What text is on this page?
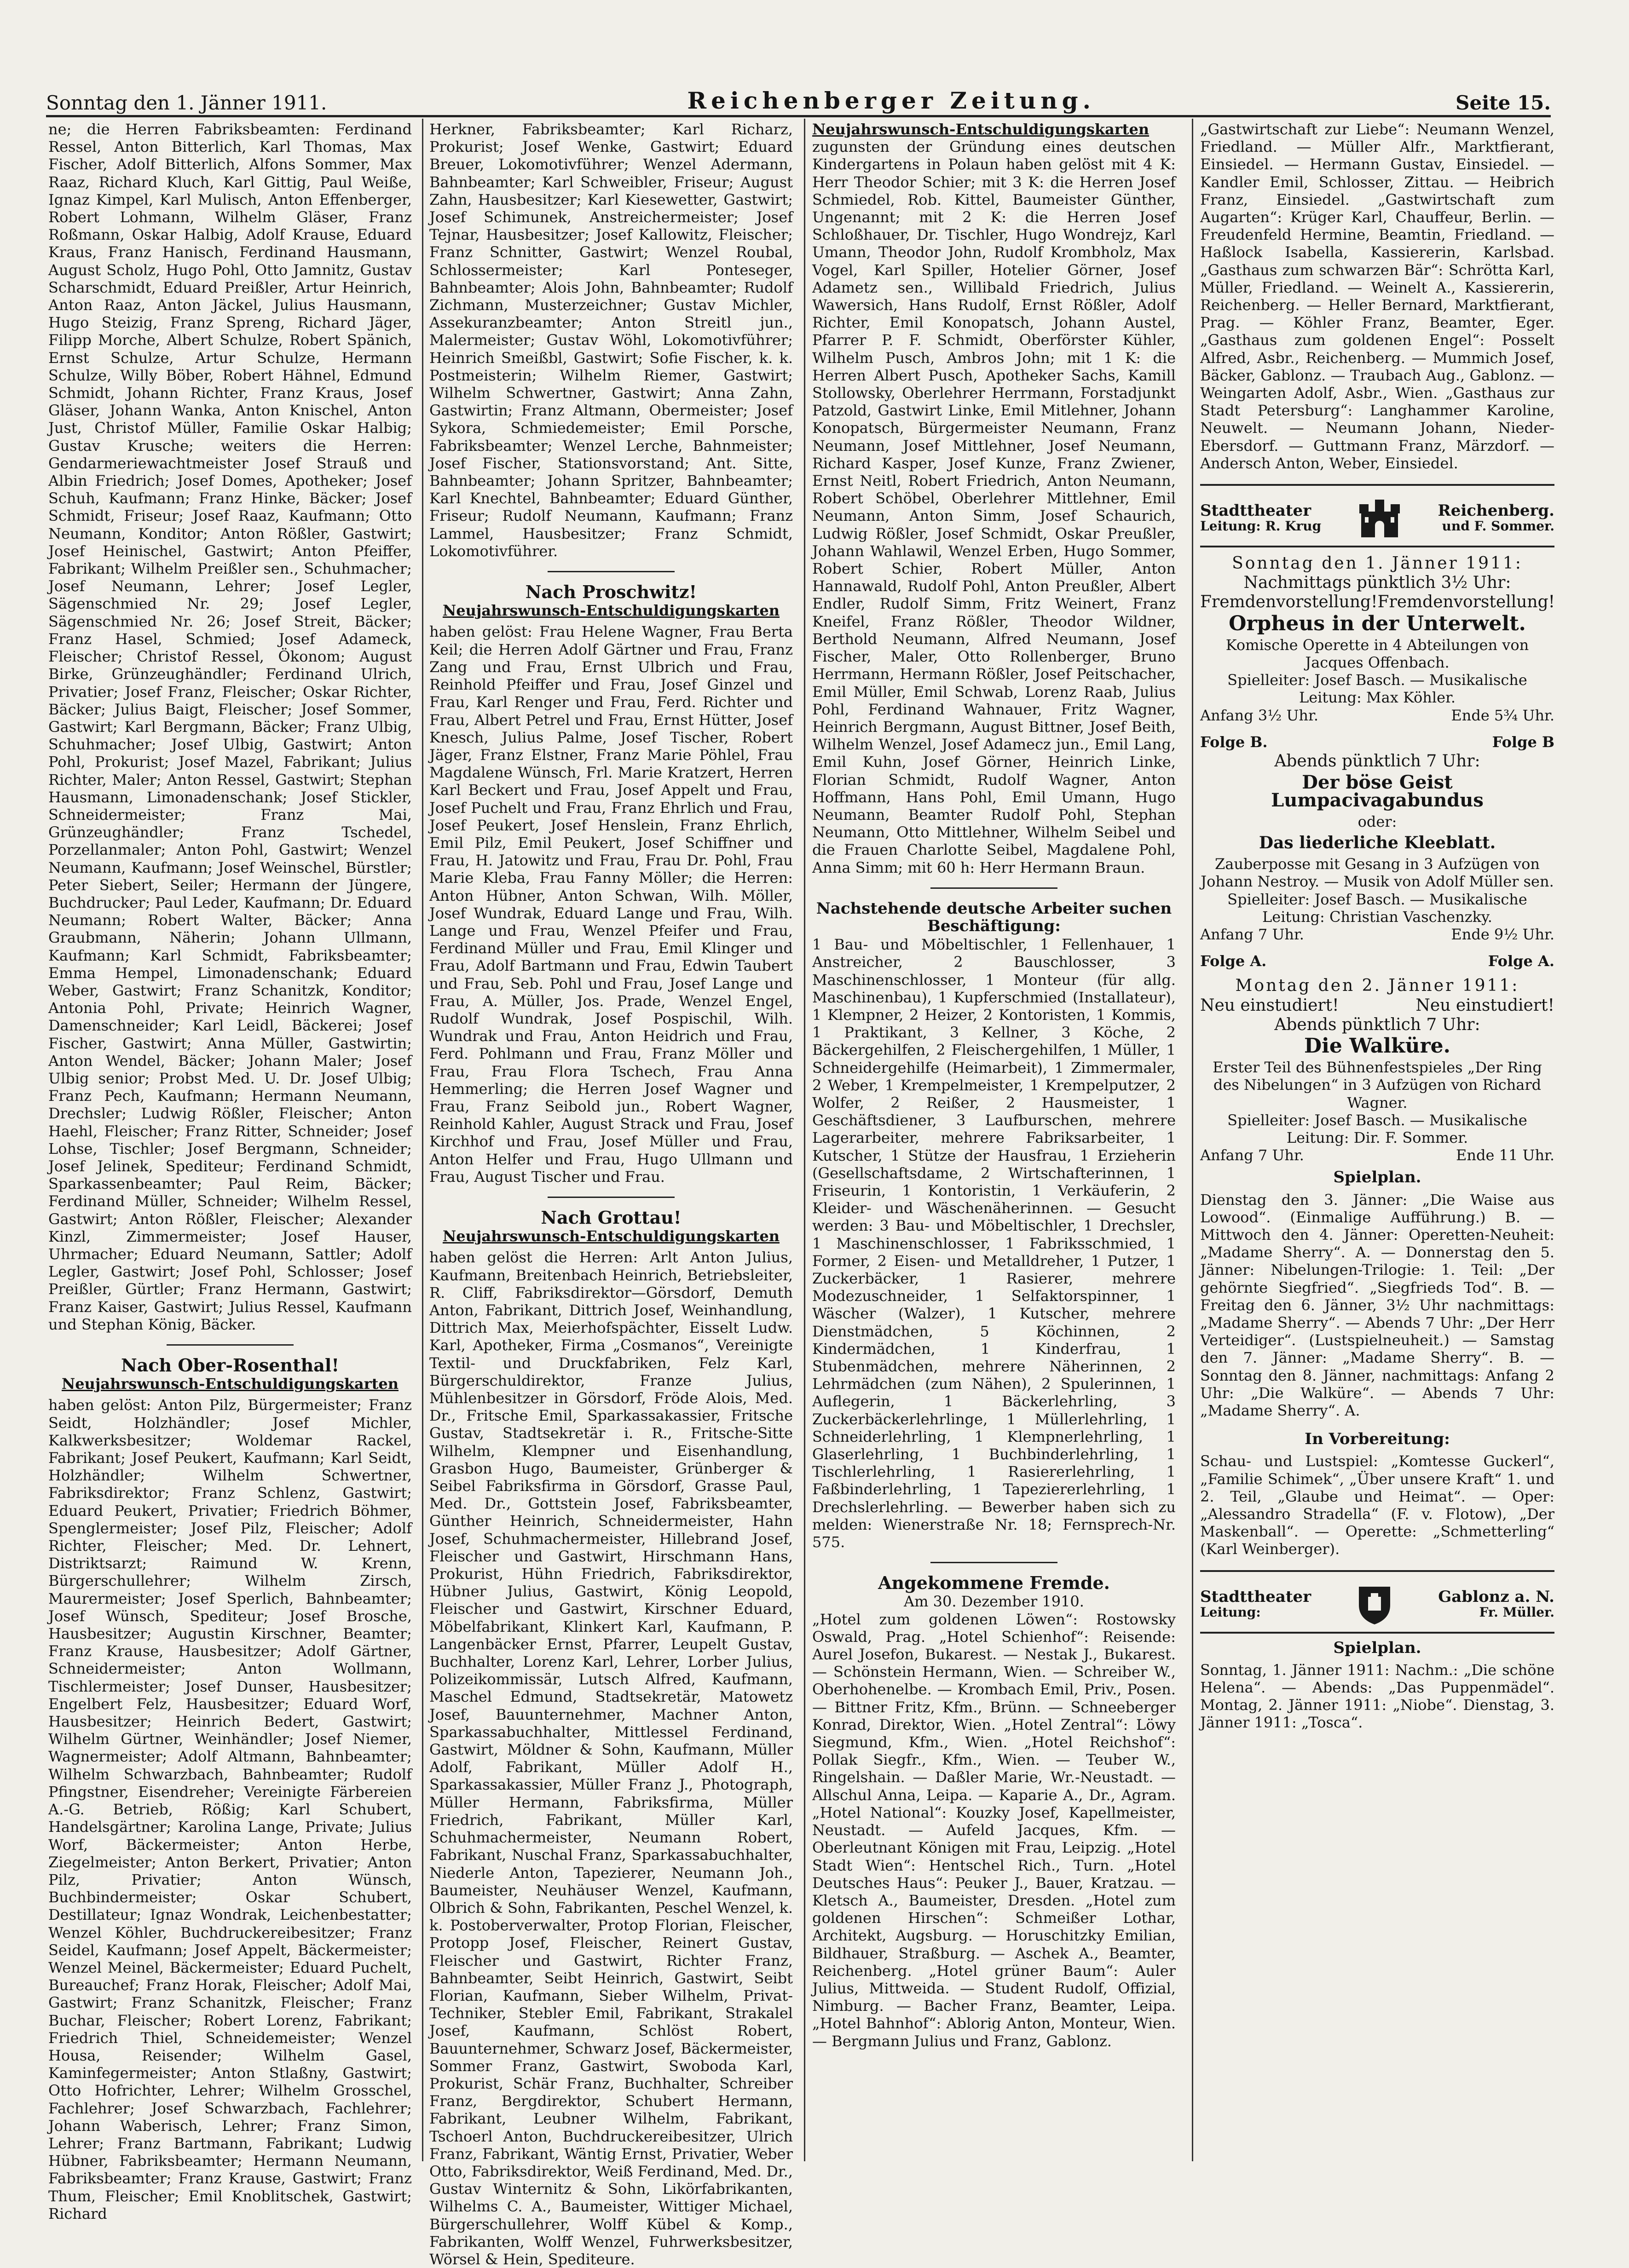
Sonntag den 1. Jänner 1911.	Reichenberger Zeitung.	Seite 15.

ne; die Herren Fabriksbeamten: Ferdinand Ressel, Anton Bitterlich, Karl Thomas, Max Fischer, Adolf Bitterlich, Alfons Sommer, Max Raaz, Richard Kluch, Karl Gittig, Paul Weiße, Ignaz Kimpel, Karl Mulisch, Anton Effenberger, Robert Lohmann, Wilhelm Gläser, Franz Roßmann, Oskar Halbig, Adolf Krause, Eduard Kraus, Franz Hanisch, Ferdinand Hausmann, August Scholz, Hugo Pohl, Otto Jamnitz, Gustav Scharschmidt, Eduard Preißler, Artur Heinrich, Anton Raaz, Anton Jäckel, Julius Hausmann, Hugo Steizig, Franz Spreng, Richard Jäger, Filipp Morche, Albert Schulze, Robert Spänich, Ernst Schulze, Artur Schulze, Hermann Schulze, Willy Böber, Robert Hähnel, Edmund Schmidt, Johann Richter, Franz Kraus, Josef Gläser, Johann Wanka, Anton Knischel, Anton Just, Christof Müller, Familie Oskar Halbig; Gustav Krusche; weiters die Herren: Gendarmeriewachtmeister Josef Strauß und Albin Friedrich; Josef Domes, Apotheker; Josef Schuh, Kaufmann; Franz Hinke, Bäcker; Josef Schmidt, Friseur; Josef Raaz, Kaufmann; Otto Neumann, Konditor; Anton Rößler, Gastwirt; Josef Heinischel, Gastwirt; Anton Pfeiffer, Fabrikant; Wilhelm Preißler sen., Schuhmacher; Josef Neumann, Lehrer; Josef Legler, Sägenschmied Nr. 29; Josef Legler, Sägenschmied Nr. 26; Josef Streit, Bäcker; Franz Hasel, Schmied; Josef Adameck, Fleischer; Christof Ressel, Ökonom; August Birke, Grünzeughändler; Ferdinand Ulrich, Privatier; Josef Franz, Fleischer; Oskar Richter, Bäcker; Julius Baigt, Fleischer; Josef Sommer, Gastwirt; Karl Bergmann, Bäcker; Franz Ulbig, Schuhmacher; Josef Ulbig, Gastwirt; Anton Pohl, Prokurist; Josef Mazel, Fabrikant; Julius Richter, Maler; Anton Ressel, Gastwirt; Stephan Hausmann, Limonadenschank; Josef Stickler, Schneidermeister; Franz Mai, Grünzeughändler; Franz Tschedel, Porzellanmaler; Anton Pohl, Gastwirt; Wenzel Neumann, Kaufmann; Josef Weinschel, Bürstler; Peter Siebert, Seiler; Hermann der Jüngere, Buchdrucker; Paul Leder, Kaufmann; Dr. Eduard Neumann; Robert Walter, Bäcker; Anna Graubmann, Näherin; Johann Ullmann, Kaufmann; Karl Schmidt, Fabriksbeamter; Emma Hempel, Limonadenschank; Eduard Weber, Gastwirt; Franz Schanitzk, Konditor; Antonia Pohl, Private; Heinrich Wagner, Damenschneider; Karl Leidl, Bäckerei; Josef Fischer, Gastwirt; Anna Müller, Gastwirtin; Anton Wendel, Bäcker; Johann Maler; Josef Ulbig senior; Probst Med. U. Dr. Josef Ulbig; Franz Pech, Kaufmann; Hermann Neumann, Drechsler; Ludwig Rößler, Fleischer; Anton Haehl, Fleischer; Franz Ritter, Schneider; Josef Lohse, Tischler; Josef Bergmann, Schneider; Josef Jelinek, Spediteur; Ferdinand Schmidt, Sparkassenbeamter; Paul Reim, Bäcker; Ferdinand Müller, Schneider; Wilhelm Ressel, Gastwirt; Anton Rößler, Fleischer; Alexander Kinzl, Zimmermeister; Josef Hauser, Uhrmacher; Eduard Neumann, Sattler; Adolf Legler, Gastwirt; Josef Pohl, Schlosser; Josef Preißler, Gürtler; Franz Hermann, Gastwirt; Franz Kaiser, Gastwirt; Julius Ressel, Kaufmann und Stephan König, Bäcker.

Nach Ober-Rosenthal!
Neujahrswunsch-Entschuldigungskarten

haben gelöst: Anton Pilz, Bürgermeister; Franz Seidt, Holzhändler; Josef Michler, Kalkwerksbesitzer; Woldemar Rackel, Fabrikant; Josef Peukert, Kaufmann; Karl Seidt, Holzhändler; Wilhelm Schwertner, Fabriksdirektor; Franz Schlenz, Gastwirt; Eduard Peukert, Privatier; Friedrich Böhmer, Spenglermeister; Josef Pilz, Fleischer; Adolf Richter, Fleischer; Med. Dr. Lehnert, Distriktsarzt; Raimund W. Krenn, Bürgerschullehrer; Wilhelm Zirsch, Maurermeister; Josef Sperlich, Bahnbeamter; Josef Wünsch, Spediteur; Josef Brosche, Hausbesitzer; Augustin Kirschner, Beamter; Franz Krause, Hausbesitzer; Adolf Gärtner, Schneidermeister; Anton Wollmann, Tischlermeister; Josef Dunser, Hausbesitzer; Engelbert Felz, Hausbesitzer; Eduard Worf, Hausbesitzer; Heinrich Bedert, Gastwirt; Wilhelm Gürtner, Weinhändler; Josef Niemer, Wagnermeister; Adolf Altmann, Bahnbeamter; Wilhelm Schwarzbach, Bahnbeamter; Rudolf Pfingstner, Eisendreher; Vereinigte Färbereien A.-G. Betrieb, Rößig; Karl Schubert, Handelsgärtner; Karolina Lange, Private; Julius Worf, Bäckermeister; Anton Herbe, Ziegelmeister; Anton Berkert, Privatier; Anton Pilz, Privatier; Anton Wünsch, Buchbindermeister; Oskar Schubert, Destillateur; Ignaz Wondrak, Leichenbestatter; Wenzel Köhler, Buchdruckereibesitzer; Franz Seidel, Kaufmann; Josef Appelt, Bäckermeister; Wenzel Meinel, Bäckermeister; Eduard Puchelt, Bureauchef; Franz Horak, Fleischer; Adolf Mai, Gastwirt; Franz Schanitzk, Fleischer; Franz Buchar, Fleischer; Robert Lorenz, Fabrikant; Friedrich Thiel, Schneidemeister; Wenzel Housa, Reisender; Wilhelm Gasel, Kaminfegermeister; Anton Stlaßny, Gastwirt; Otto Hofrichter, Lehrer; Wilhelm Grosschel, Fachlehrer; Josef Schwarzbach, Fachlehrer; Johann Waberisch, Lehrer; Franz Simon, Lehrer; Franz Bartmann, Fabrikant; Ludwig Hübner, Fabriksbeamter; Hermann Neumann, Fabriksbeamter; Franz Krause, Gastwirt; Franz Thum, Fleischer; Emil Knoblitschek, Gastwirt; Richard

Herkner, Fabriksbeamter; Karl Richarz, Prokurist; Josef Wenke, Gastwirt; Eduard Breuer, Lokomotivführer; Wenzel Adermann, Bahnbeamter; Karl Schweibler, Friseur; August Zahn, Hausbesitzer; Karl Kiesewetter, Gastwirt; Josef Schimunek, Anstreichermeister; Josef Tejnar, Hausbesitzer; Josef Kallowitz, Fleischer; Franz Schnitter, Gastwirt; Wenzel Roubal, Schlossermeister; Karl Ponteseger, Bahnbeamter; Alois John, Bahnbeamter; Rudolf Zichmann, Musterzeichner; Gustav Michler, Assekuranzbeamter; Anton Streitl jun., Malermeister; Gustav Wöhl, Lokomotivführer; Heinrich Smeißbl, Gastwirt; Sofie Fischer, k. k. Postmeisterin; Wilhelm Riemer, Gastwirt; Wilhelm Schwertner, Gastwirt; Anna Zahn, Gastwirtin; Franz Altmann, Obermeister; Josef Sykora, Schmiedemeister; Emil Porsche, Fabriksbeamter; Wenzel Lerche, Bahnmeister; Josef Fischer, Stationsvorstand; Ant. Sitte, Bahnbeamter; Johann Spritzer, Bahnbeamter; Karl Knechtel, Bahnbeamter; Eduard Günther, Friseur; Rudolf Neumann, Kaufmann; Franz Lammel, Hausbesitzer; Franz Schmidt, Lokomotivführer.

Nach Proschwitz!
Neujahrswunsch-Entschuldigungskarten

haben gelöst: Frau Helene Wagner, Frau Berta Keil; die Herren Adolf Gärtner und Frau, Franz Zang und Frau, Ernst Ulbrich und Frau, Reinhold Pfeiffer und Frau, Josef Ginzel und Frau, Karl Renger und Frau, Ferd. Richter und Frau, Albert Petrel und Frau, Ernst Hütter, Josef Knesch, Julius Palme, Josef Tischer, Robert Jäger, Franz Elstner, Franz Marie Pöhlel, Frau Magdalene Wünsch, Frl. Marie Kratzert, Herren Karl Beckert und Frau, Josef Appelt und Frau, Josef Puchelt und Frau, Franz Ehrlich und Frau, Josef Peukert, Josef Henslein, Franz Ehrlich, Emil Pilz, Emil Peukert, Josef Schiffner und Frau, H. Jatowitz und Frau, Frau Dr. Pohl, Frau Marie Kleba, Frau Fanny Möller; die Herren: Anton Hübner, Anton Schwan, Wilh. Möller, Josef Wundrak, Eduard Lange und Frau, Wilh. Lange und Frau, Wenzel Pfeifer und Frau, Ferdinand Müller und Frau, Emil Klinger und Frau, Adolf Bartmann und Frau, Edwin Taubert und Frau, Seb. Pohl und Frau, Josef Lange und Frau, A. Müller, Jos. Prade, Wenzel Engel, Rudolf Wundrak, Josef Pospischil, Wilh. Wundrak und Frau, Anton Heidrich und Frau, Ferd. Pohlmann und Frau, Franz Möller und Frau, Frau Flora Tschech, Frau Anna Hemmerling; die Herren Josef Wagner und Frau, Franz Seibold jun., Robert Wagner, Reinhold Kahler, August Strack und Frau, Josef Kirchhof und Frau, Josef Müller und Frau, Anton Helfer und Frau, Hugo Ullmann und Frau, August Tischer und Frau.

Nach Grottau!
Neujahrswunsch-Entschuldigungskarten

haben gelöst die Herren: Arlt Anton Julius, Kaufmann, Breitenbach Heinrich, Betriebsleiter, R. Cliff, Fabriksdirektor—Görsdorf, Demuth Anton, Fabrikant, Dittrich Josef, Weinhandlung, Dittrich Max, Meierhofspächter, Eisselt Ludw. Karl, Apotheker, Firma „Cosmanos“, Vereinigte Textil- und Druckfabriken, Felz Karl, Bürgerschuldirektor, Franze Julius, Mühlenbesitzer in Görsdorf, Fröde Alois, Med. Dr., Fritsche Emil, Sparkassakassier, Fritsche Gustav, Stadtsekretär i. R., Fritsche-Sitte Wilhelm, Klempner und Eisenhandlung, Grasbon Hugo, Baumeister, Grünberger & Seibel Fabriksfirma in Görsdorf, Grasse Paul, Med. Dr., Gottstein Josef, Fabriksbeamter, Günther Heinrich, Schneidermeister, Hahn Josef, Schuhmachermeister, Hillebrand Josef, Fleischer und Gastwirt, Hirschmann Hans, Prokurist, Hühn Friedrich, Fabriksdirektor, Hübner Julius, Gastwirt, König Leopold, Fleischer und Gastwirt, Kirschner Eduard, Möbelfabrikant, Klinkert Karl, Kaufmann, P. Langenbäcker Ernst, Pfarrer, Leupelt Gustav, Buchhalter, Lorenz Karl, Lehrer, Lorber Julius, Polizeikommissär, Lutsch Alfred, Kaufmann, Maschel Edmund, Stadtsekretär, Matowetz Josef, Bauunternehmer, Machner Anton, Sparkassabuchhalter, Mittlessel Ferdinand, Gastwirt, Möldner & Sohn, Kaufmann, Müller Adolf, Fabrikant, Müller Adolf H., Sparkassakassier, Müller Franz J., Photograph, Müller Hermann, Fabriksfirma, Müller Friedrich, Fabrikant, Müller Karl, Schuhmachermeister, Neumann Robert, Fabrikant, Nuschal Franz, Sparkassabuchhalter, Niederle Anton, Tapezierer, Neumann Joh., Baumeister, Neuhäuser Wenzel, Kaufmann, Olbrich & Sohn, Fabrikanten, Peschel Wenzel, k. k. Postoberverwalter, Protop Florian, Fleischer, Protopp Josef, Fleischer, Reinert Gustav, Fleischer und Gastwirt, Richter Franz, Bahnbeamter, Seibt Heinrich, Gastwirt, Seibt Florian, Kaufmann, Sieber Wilhelm, Privat-Techniker, Stebler Emil, Fabrikant, Strakalel Josef, Kaufmann, Schlöst Robert, Bauunternehmer, Schwarz Josef, Bäckermeister, Sommer Franz, Gastwirt, Swoboda Karl, Prokurist, Schär Franz, Buchhalter, Schreiber Franz, Bergdirektor, Schubert Hermann, Fabrikant, Leubner Wilhelm, Fabrikant, Tschoerl Anton, Buchdruckereibesitzer, Ulrich Franz, Fabrikant, Wäntig Ernst, Privatier, Weber Otto, Fabriksdirektor, Weiß Ferdinand, Med. Dr., Gustav Winternitz & Sohn, Likörfabrikanten, Wilhelms C. A., Baumeister, Wittiger Michael, Bürgerschullehrer, Wolff Kübel & Komp., Fabrikanten, Wolff Wenzel, Fuhrwerksbesitzer, Wörsel & Hein, Spediteure.

Neujahrswunsch-Entschuldigungskarten

zugunsten der Gründung eines deutschen Kindergartens in Polaun haben gelöst mit 4 K: Herr Theodor Schier; mit 3 K: die Herren Josef Schmiedel, Rob. Kittel, Baumeister Günther, Ungenannt; mit 2 K: die Herren Josef Schloßhauer, Dr. Tischler, Hugo Wondrejz, Karl Umann, Theodor John, Rudolf Krombholz, Max Vogel, Karl Spiller, Hotelier Görner, Josef Adametz sen., Willibald Friedrich, Julius Wawersich, Hans Rudolf, Ernst Rößler, Adolf Richter, Emil Konopatsch, Johann Austel, Pfarrer P. F. Schmidt, Oberförster Kühler, Wilhelm Pusch, Ambros John; mit 1 K: die Herren Albert Pusch, Apotheker Sachs, Kamill Stollowsky, Oberlehrer Herrmann, Forstadjunkt Patzold, Gastwirt Linke, Emil Mitlehner, Johann Konopatsch, Bürgermeister Neumann, Franz Neumann, Josef Mittlehner, Josef Neumann, Richard Kasper, Josef Kunze, Franz Zwiener, Ernst Neitl, Robert Friedrich, Anton Neumann, Robert Schöbel, Oberlehrer Mittlehner, Emil Neumann, Anton Simm, Josef Schaurich, Ludwig Rößler, Josef Schmidt, Oskar Preußler, Johann Wahlawil, Wenzel Erben, Hugo Sommer, Robert Schier, Robert Müller, Anton Hannawald, Rudolf Pohl, Anton Preußler, Albert Endler, Rudolf Simm, Fritz Weinert, Franz Kneifel, Franz Rößler, Theodor Wildner, Berthold Neumann, Alfred Neumann, Josef Fischer, Maler, Otto Rollenberger, Bruno Herrmann, Hermann Rößler, Josef Peitschacher, Emil Müller, Emil Schwab, Lorenz Raab, Julius Pohl, Ferdinand Wahnauer, Fritz Wagner, Heinrich Bergmann, August Bittner, Josef Beith, Wilhelm Wenzel, Josef Adamecz jun., Emil Lang, Emil Kuhn, Josef Görner, Heinrich Linke, Florian Schmidt, Rudolf Wagner, Anton Hoffmann, Hans Pohl, Emil Umann, Hugo Neumann, Beamter Rudolf Pohl, Stephan Neumann, Otto Mittlehner, Wilhelm Seibel und die Frauen Charlotte Seibel, Magdalene Pohl, Anna Simm; mit 60 h: Herr Hermann Braun.

Nachstehende deutsche Arbeiter suchen Beschäftigung:

1 Bau- und Möbeltischler, 1 Fellenhauer, 1 Anstreicher, 2 Bauschlosser, 3 Maschinenschlosser, 1 Monteur (für allg. Maschinenbau), 1 Kupferschmied (Installateur), 1 Klempner, 2 Heizer, 2 Kontoristen, 1 Kommis, 1 Praktikant, 3 Kellner, 3 Köche, 2 Bäckergehilfen, 2 Fleischergehilfen, 1 Müller, 1 Schneidergehilfe (Heimarbeit), 1 Zimmermaler, 2 Weber, 1 Krempelmeister, 1 Krempelputzer, 2 Wolfer, 2 Reißer, 2 Hausmeister, 1 Geschäftsdiener, 3 Laufburschen, mehrere Lagerarbeiter, mehrere Fabriksarbeiter, 1 Kutscher, 1 Stütze der Hausfrau, 1 Erzieherin (Gesellschaftsdame, 2 Wirtschafterinnen, 1 Friseurin, 1 Kontoristin, 1 Verkäuferin, 2 Kleider- und Wäschenäherinnen. — Gesucht werden: 3 Bau- und Möbeltischler, 1 Drechsler, 1 Maschinenschlosser, 1 Fabriksschmied, 1 Former, 2 Eisen- und Metalldreher, 1 Putzer, 1 Zuckerbäcker, 1 Rasierer, mehrere Modezuschneider, 1 Selfaktorspinner, 1 Wäscher (Walzer), 1 Kutscher, mehrere Dienstmädchen, 5 Köchinnen, 2 Kindermädchen, 1 Kinderfrau, 1 Stubenmädchen, mehrere Näherinnen, 2 Lehrmädchen (zum Nähen), 2 Spulerinnen, 1 Auflegerin, 1 Bäckerlehrling, 3 Zuckerbäckerlehrlinge, 1 Müllerlehrling, 1 Schneiderlehrling, 1 Klempnerlehrling, 1 Glaserlehrling, 1 Buchbinderlehrling, 1 Tischlerlehrling, 1 Rasiererlehrling, 1 Faßbinderlehrling, 1 Tapeziererlehrling, 1 Drechslerlehrling. — Bewerber haben sich zu melden: Wienerstraße Nr. 18; Fernsprech-Nr. 575.

Angekommene Fremde.
Am 30. Dezember 1910.

„Hotel zum goldenen Löwen“: Rostowsky Oswald, Prag. „Hotel Schienhof“: Reisende: Aurel Josefon, Bukarest. — Nestak J., Bukarest. — Schönstein Hermann, Wien. — Schreiber W., Oberhohenelbe. — Krombach Emil, Priv., Posen. — Bittner Fritz, Kfm., Brünn. — Schneeberger Konrad, Direktor, Wien. „Hotel Zentral“: Löwy Siegmund, Kfm., Wien. „Hotel Reichshof“: Pollak Siegfr., Kfm., Wien. — Teuber W., Ringelshain. — Daßler Marie, Wr.-Neustadt. — Allschul Anna, Leipa. — Kaparie A., Dr., Agram. „Hotel National“: Kouzky Josef, Kapellmeister, Neustadt. — Aufeld Jacques, Kfm. — Oberleutnant Königen mit Frau, Leipzig. „Hotel Stadt Wien“: Hentschel Rich., Turn. „Hotel Deutsches Haus“: Peuker J., Bauer, Kratzau. — Kletsch A., Baumeister, Dresden. „Hotel zum goldenen Hirschen“: Schmeißer Lothar, Architekt, Augsburg. — Horuschitzky Emilian, Bildhauer, Straßburg. — Aschek A., Beamter, Reichenberg. „Hotel grüner Baum“: Auler Julius, Mittweida. — Student Rudolf, Offizial, Nimburg. — Bacher Franz, Beamter, Leipa. „Hotel Bahnhof“: Ablorig Anton, Monteur, Wien. — Bergmann Julius und Franz, Gablonz.

„Gastwirtschaft zur Liebe“: Neumann Wenzel, Friedland. — Müller Alfr., Marktfierant, Einsiedel. — Hermann Gustav, Einsiedel. — Kandler Emil, Schlosser, Zittau. — Heibrich Franz, Einsiedel. „Gastwirtschaft zum Augarten“: Krüger Karl, Chauffeur, Berlin. — Freudenfeld Hermine, Beamtin, Friedland. — Haßlock Isabella, Kassiererin, Karlsbad. „Gasthaus zum schwarzen Bär“: Schrötta Karl, Müller, Friedland. — Weinelt A., Kassiererin, Reichenberg. — Heller Bernard, Marktfierant, Prag. — Köhler Franz, Beamter, Eger. „Gasthaus zum goldenen Engel“: Posselt Alfred, Asbr., Reichenberg. — Mummich Josef, Bäcker, Gablonz. — Traubach Aug., Gablonz. — Weingarten Adolf, Asbr., Wien. „Gasthaus zur Stadt Petersburg“: Langhammer Karoline, Neuwelt. — Neumann Johann, Nieder-Ebersdorf. — Guttmann Franz, Märzdorf. — Andersch Anton, Weber, Einsiedel.

Stadttheater
Leitung: R. Krug
Reichenberg.
und F. Sommer.
Sonntag den 1. Jänner 1911:
Nachmittags pünktlich 3½ Uhr:
Fremdenvorstellung! Fremdenvorstellung!
Orpheus in der Unterwelt.
Komische Operette in 4 Abteilungen von Jacques Offenbach.
Spielleiter: Josef Basch. — Musikalische Leitung: Max Köhler.
Anfang 3½ Uhr.	Ende 5¾ Uhr.
Folge B.	Folge B
Abends pünktlich 7 Uhr:
Der böse Geist Lumpacivagabundus
oder:
Das liederliche Kleeblatt.
Zauberposse mit Gesang in 3 Aufzügen von Johann Nestroy. — Musik von Adolf Müller sen.
Spielleiter: Josef Basch. — Musikalische Leitung: Christian Vaschenzky.
Anfang 7 Uhr.	Ende 9½ Uhr.
Folge A.	Folge A.
Montag den 2. Jänner 1911:
Neu einstudiert!	Neu einstudiert!
Abends pünktlich 7 Uhr:
Die Walküre.
Erster Teil des Bühnenfestspieles „Der Ring des Nibelungen“ in 3 Aufzügen von Richard Wagner.
Spielleiter: Josef Basch. — Musikalische Leitung: Dir. F. Sommer.
Anfang 7 Uhr.	Ende 11 Uhr.
Spielplan.

Dienstag den 3. Jänner: „Die Waise aus Lowood“. (Einmalige Aufführung.) B. — Mittwoch den 4. Jänner: Operetten-Neuheit: „Madame Sherry“. A. — Donnerstag den 5. Jänner: Nibelungen-Trilogie: 1. Teil: „Der gehörnte Siegfried“. „Siegfrieds Tod“. B. — Freitag den 6. Jänner, 3½ Uhr nachmittags: „Madame Sherry“. — Abends 7 Uhr: „Der Herr Verteidiger“. (Lustspielneuheit.) — Samstag den 7. Jänner: „Madame Sherry“. B. — Sonntag den 8. Jänner, nachmittags: Anfang 2 Uhr: „Die Walküre“. — Abends 7 Uhr: „Madame Sherry“. A.

In Vorbereitung:

Schau- und Lustspiel: „Komtesse Guckerl“, „Familie Schimek“, „Über unsere Kraft“ 1. und 2. Teil, „Glaube und Heimat“. — Oper: „Alessandro Stradella“ (F. v. Flotow), „Der Maskenball“. — Operette: „Schmetterling“ (Karl Weinberger).

Stadttheater
Leitung:
Gablonz a. N.
Fr. Müller.
Spielplan.

Sonntag, 1. Jänner 1911: Nachm.: „Die schöne Helena“. — Abends: „Das Puppenmädel“. Montag, 2. Jänner 1911: „Niobe“. Dienstag, 3. Jänner 1911: „Tosca“.
